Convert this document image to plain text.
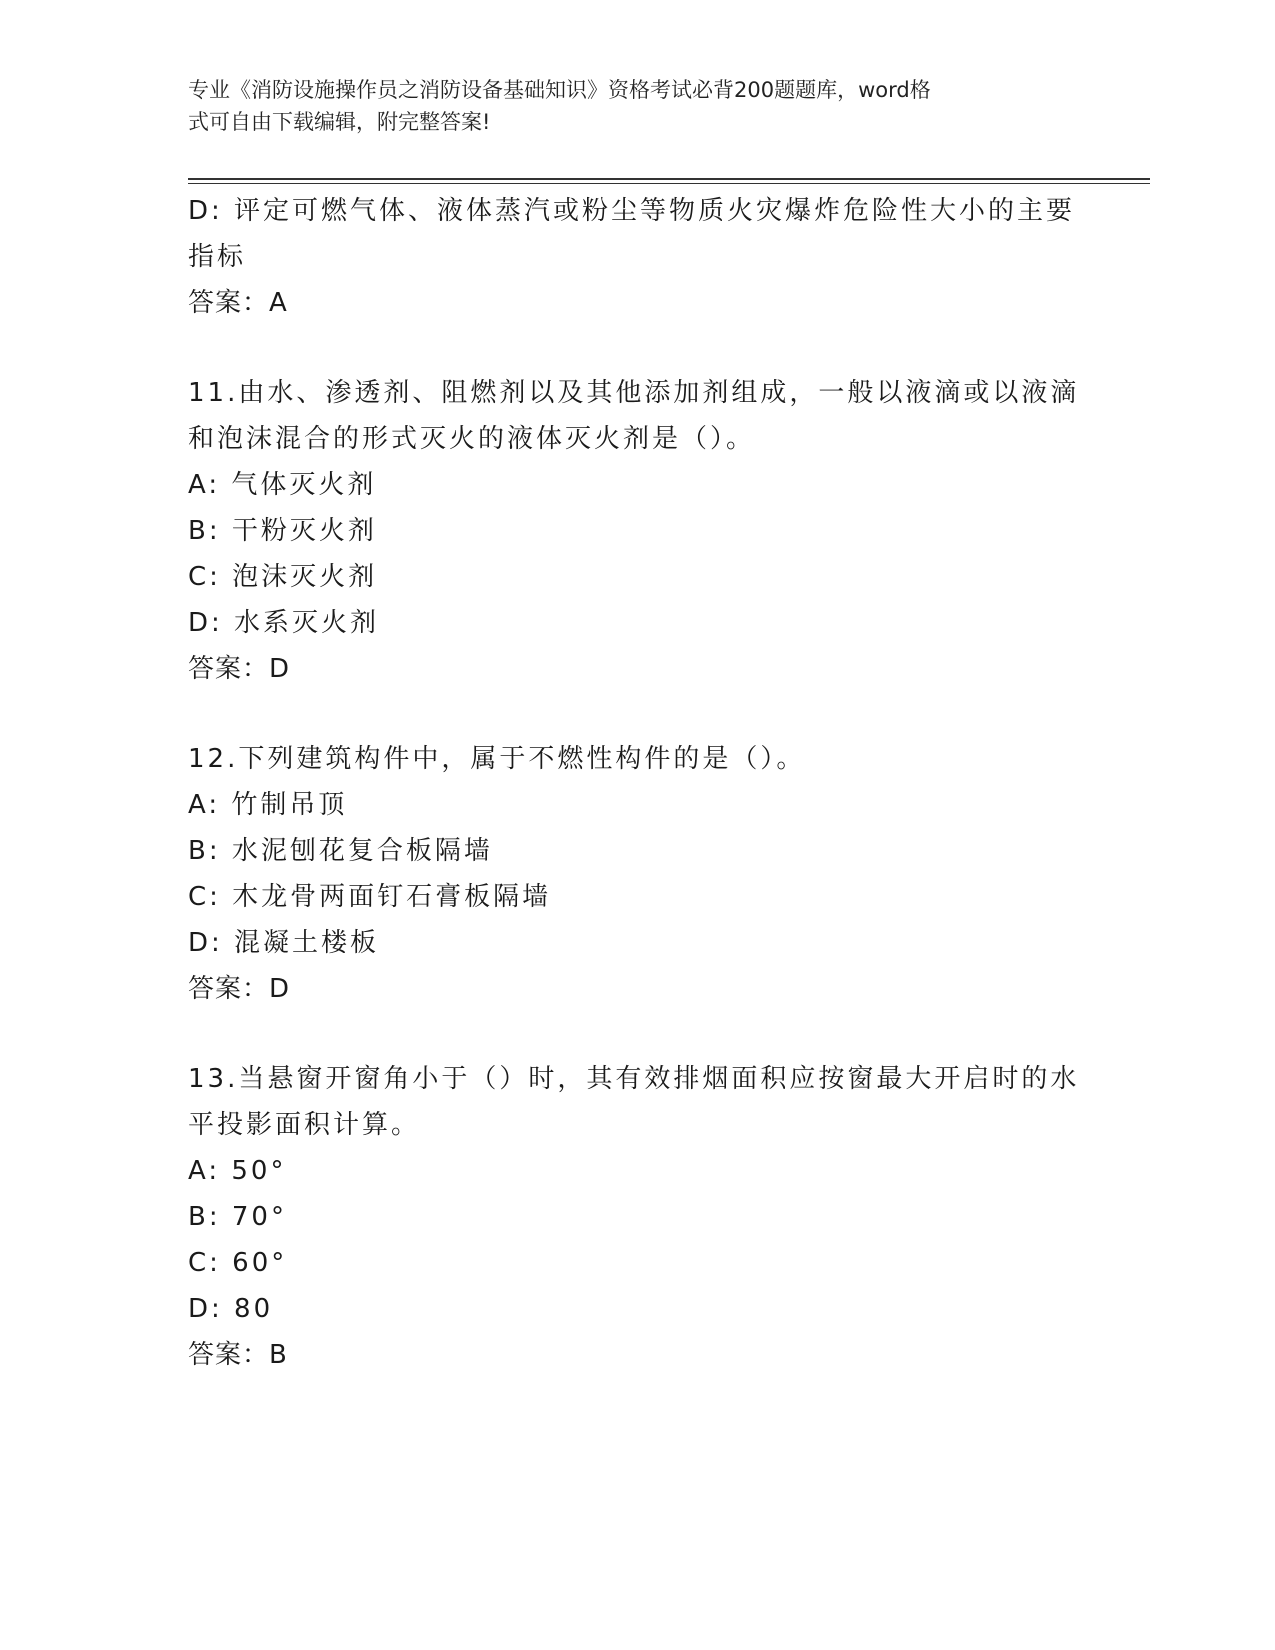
专业《消防设施操作员之消防设备基础知识》资格考试必背200题题库，word格
式可自由下载编辑，附完整答案!
D: 评定可燃气体、液体蒸汽或粉尘等物质火灾爆炸危险性大小的主要
指标
答案：A
11.由水、渗透剂、阻燃剂以及其他添加剂组成，一般以液滴或以液滴
和泡沫混合的形式灭火的液体灭火剂是（）。
A: 气体灭火剂
B: 干粉灭火剂
C: 泡沫灭火剂
D: 水系灭火剂
答案：D
12.下列建筑构件中，属于不燃性构件的是（）。
A: 竹制吊顶
B: 水泥刨花复合板隔墙
C: 木龙骨两面钉石膏板隔墙
D: 混凝土楼板
答案：D
13.当悬窗开窗角小于（）时，其有效排烟面积应按窗最大开启时的水
平投影面积计算。
A: 50°
B: 70°
C: 60°
D: 80
答案：B
